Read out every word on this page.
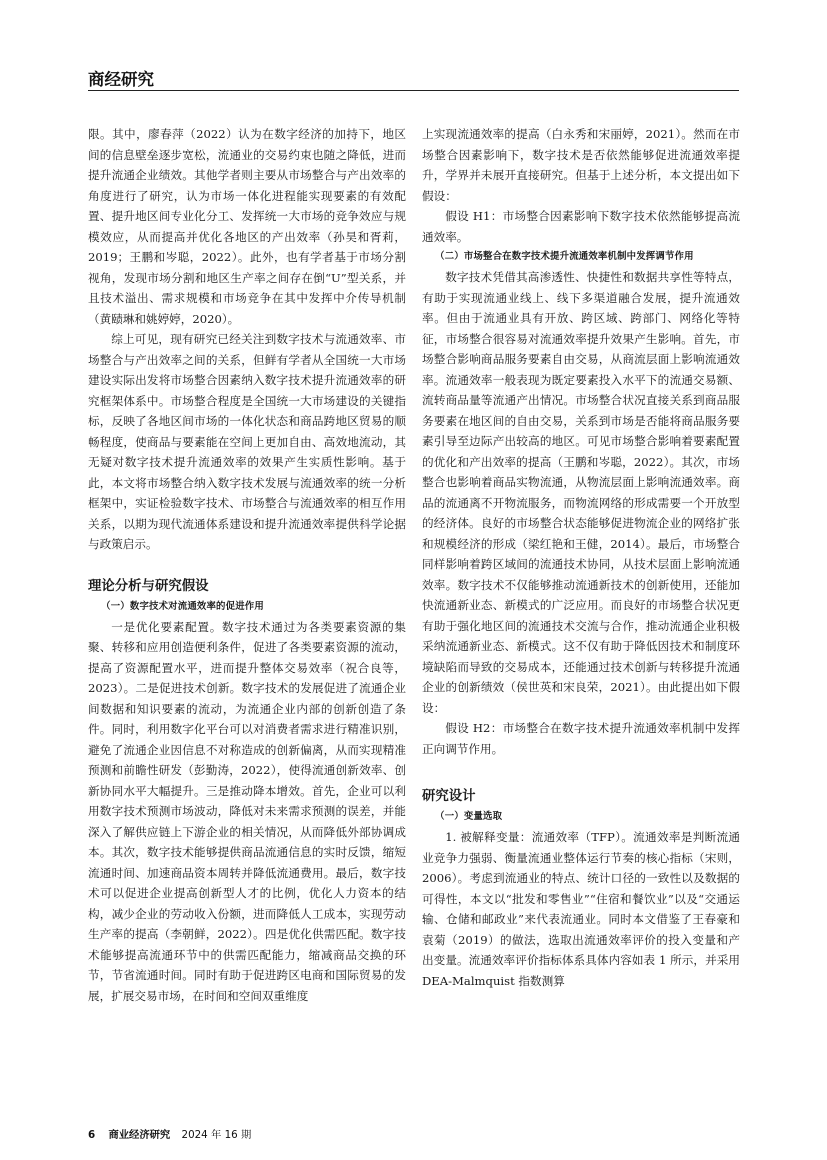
商经研究

限。其中，廖春萍（2022）认为在数字经济的加持下，地区间的信息壁垒逐步宽松，流通业的交易约束也随之降低，进而提升流通企业绩效。其他学者则主要从市场整合与产出效率的角度进行了研究，认为市场一体化进程能实现要素的有效配置、提升地区间专业化分工、发挥统一大市场的竞争效应与规模效应，从而提高并优化各地区的产出效率（孙昊和胥莉，2019；王鹏和岑聪，2022）。此外，也有学者基于市场分割视角，发现市场分割和地区生产率之间存在倒“U”型关系，并且技术溢出、需求规模和市场竞争在其中发挥中介传导机制（黄赜琳和姚婷婷，2020）。

综上可见，现有研究已经关注到数字技术与流通效率、市场整合与产出效率之间的关系，但鲜有学者从全国统一大市场建设实际出发将市场整合因素纳入数字技术提升流通效率的研究框架体系中。市场整合程度是全国统一大市场建设的关键指标，反映了各地区间市场的一体化状态和商品跨地区贸易的顺畅程度，使商品与要素能在空间上更加自由、高效地流动，其无疑对数字技术提升流通效率的效果产生实质性影响。基于此，本文将市场整合纳入数字技术发展与流通效率的统一分析框架中，实证检验数字技术、市场整合与流通效率的相互作用关系，以期为现代流通体系建设和提升流通效率提供科学论据与政策启示。

理论分析与研究假设
（一）数字技术对流通效率的促进作用

一是优化要素配置。数字技术通过为各类要素资源的集聚、转移和应用创造便利条件，促进了各类要素资源的流动，提高了资源配置水平，进而提升整体交易效率（祝合良等，2023）。二是促进技术创新。数字技术的发展促进了流通企业间数据和知识要素的流动，为流通企业内部的创新创造了条件。同时，利用数字化平台可以对消费者需求进行精准识别，避免了流通企业因信息不对称造成的创新偏离，从而实现精准预测和前瞻性研发（彭勤涛，2022），使得流通创新效率、创新协同水平大幅提升。三是推动降本增效。首先，企业可以利用数字技术预测市场波动，降低对未来需求预测的误差，并能深入了解供应链上下游企业的相关情况，从而降低外部协调成本。其次，数字技术能够提供商品流通信息的实时反馈，缩短流通时间、加速商品资本周转并降低流通费用。最后，数字技术可以促进企业提高创新型人才的比例，优化人力资本的结构，减少企业的劳动收入份额，进而降低人工成本，实现劳动生产率的提高（李朝鲜，2022）。四是优化供需匹配。数字技术能够提高流通环节中的供需匹配能力，缩减商品交换的环节，节省流通时间。同时有助于促进跨区电商和国际贸易的发展，扩展交易市场，在时间和空间双重维度

上实现流通效率的提高（白永秀和宋丽婷，2021）。然而在市场整合因素影响下，数字技术是否依然能够促进流通效率提升，学界并未展开直接研究。但基于上述分析，本文提出如下假设：

假设 H1：市场整合因素影响下数字技术依然能够提高流通效率。

（二）市场整合在数字技术提升流通效率机制中发挥调节作用

数字技术凭借其高渗透性、快捷性和数据共享性等特点，有助于实现流通业线上、线下多渠道融合发展，提升流通效率。但由于流通业具有开放、跨区域、跨部门、网络化等特征，市场整合很容易对流通效率提升效果产生影响。首先，市场整合影响商品服务要素自由交易，从商流层面上影响流通效率。流通效率一般表现为既定要素投入水平下的流通交易额、流转商品量等流通产出情况。市场整合状况直接关系到商品服务要素在地区间的自由交易，关系到市场是否能将商品服务要素引导至边际产出较高的地区。可见市场整合影响着要素配置的优化和产出效率的提高（王鹏和岑聪，2022）。其次，市场整合也影响着商品实物流通，从物流层面上影响流通效率。商品的流通离不开物流服务，而物流网络的形成需要一个开放型的经济体。良好的市场整合状态能够促进物流企业的网络扩张和规模经济的形成（梁红艳和王健，2014）。最后，市场整合同样影响着跨区域间的流通技术协同，从技术层面上影响流通效率。数字技术不仅能够推动流通新技术的创新使用，还能加快流通新业态、新模式的广泛应用。而良好的市场整合状况更有助于强化地区间的流通技术交流与合作，推动流通企业积极采纳流通新业态、新模式。这不仅有助于降低因技术和制度环境缺陷而导致的交易成本，还能通过技术创新与转移提升流通企业的创新绩效（侯世英和宋良荣，2021）。由此提出如下假设：

假设 H2：市场整合在数字技术提升流通效率机制中发挥正向调节作用。

研究设计
（一）变量选取

1. 被解释变量：流通效率（TFP）。流通效率是判断流通业竞争力强弱、衡量流通业整体运行节奏的核心指标（宋则，2006）。考虑到流通业的特点、统计口径的一致性以及数据的可得性，本文以“批发和零售业”“住宿和餐饮业”以及“交通运输、仓储和邮政业”来代表流通业。同时本文借鉴了王春豪和袁菊（2019）的做法，选取出流通效率评价的投入变量和产出变量。流通效率评价指标体系具体内容如表 1 所示，并采用 DEA-Malmquist 指数测算

6 商业经济研究 2024 年 16 期
